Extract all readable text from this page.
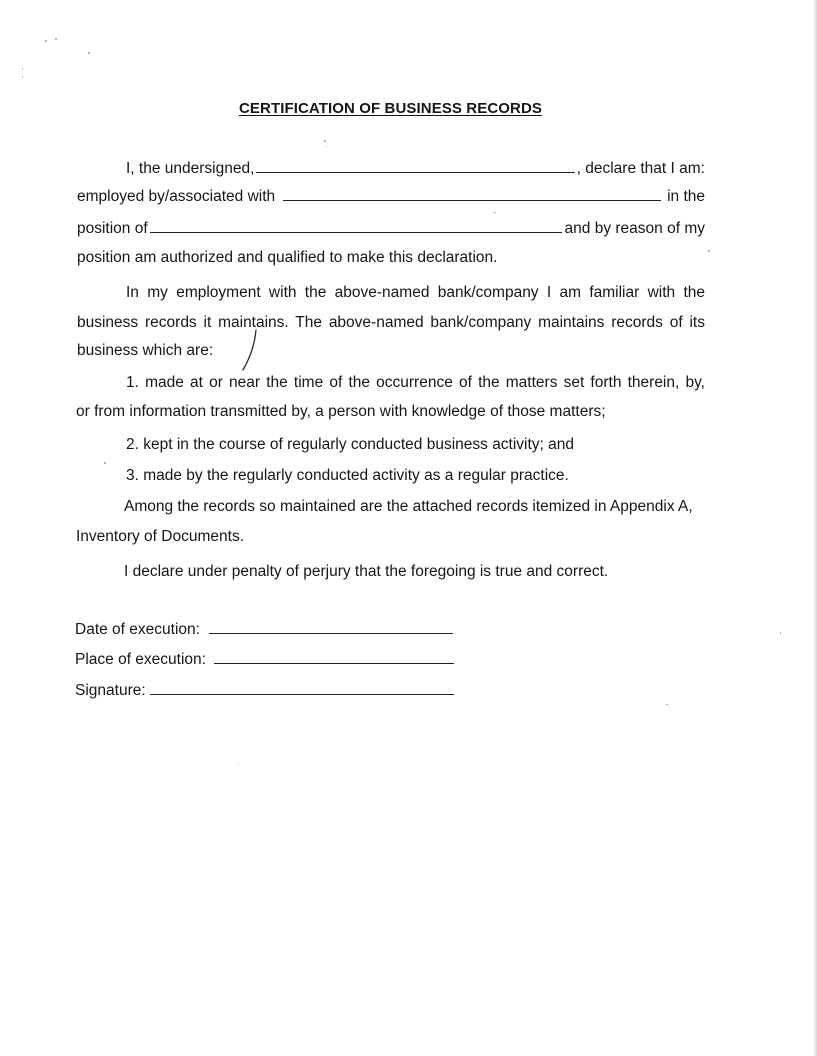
CERTIFICATION OF BUSINESS RECORDS
I, the undersigned,	, declare that I am:
employed by/associated with	in the
position of	and by reason of my
position am authorized and qualified to make this declaration.
In my employment with the above-named bank/company I am familiar with the
business records it maintains. The above-named bank/company maintains records of its
business which are:
1. made at or near the time of the occurrence of the matters set forth therein, by,
or from information transmitted by, a person with knowledge of those matters;
2. kept in the course of regularly conducted business activity; and
3. made by the regularly conducted activity as a regular practice.
Among the records so maintained are the attached records itemized in Appendix A,
Inventory of Documents.
I declare under penalty of perjury that the foregoing is true and correct.
Date of execution:
Place of execution:
Signature:
